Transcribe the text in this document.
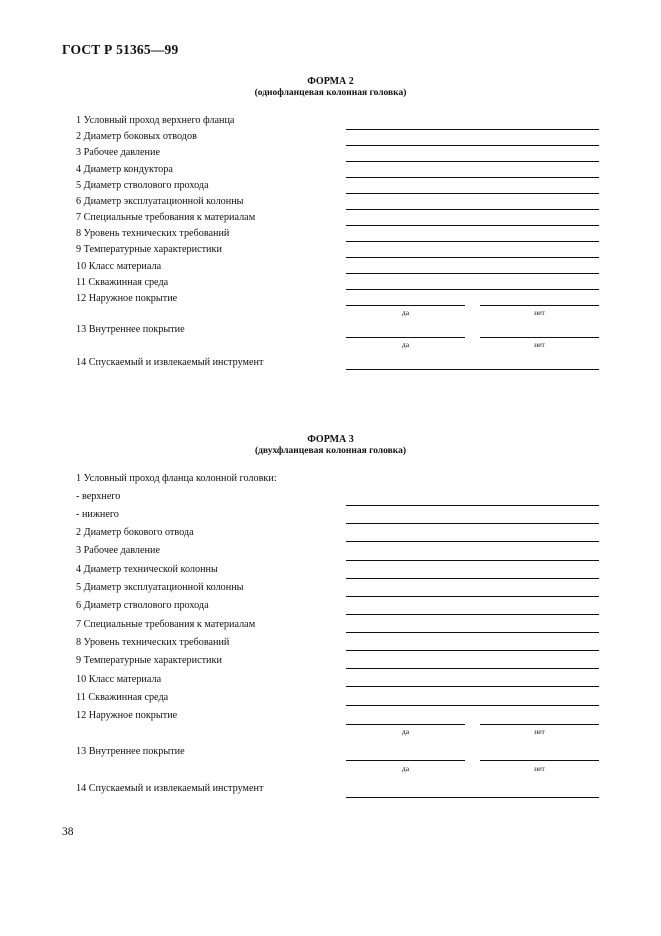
ГОСТ Р 51365—99
ФОРМА 2
(однофланцевая колонная головка)
1 Условный проход верхнего фланца
2 Диаметр боковых отводов
3 Рабочее давление
4 Диаметр кондуктора
5 Диаметр стволового прохода
6 Диаметр эксплуатационной колонны
7 Специальные требования к материалам
8 Уровень технических требований
9 Температурные характеристики
10 Класс материала
11 Скважинная среда
12 Наружное покрытие
да	нет
13 Внутреннее покрытие
да	нет
14 Спускаемый и извлекаемый инструмент
ФОРМА 3
(двухфланцевая колонная головка)
1 Условный проход фланца колонной головки:
- верхнего
- нижнего
2 Диаметр бокового отвода
3 Рабочее давление
4 Диаметр технической колонны
5 Диаметр эксплуатационной колонны
6 Диаметр стволового прохода
7 Специальные требования к материалам
8 Уровень технических требований
9 Температурные характеристики
10 Класс материала
11 Скважинная среда
12 Наружное покрытие
да	нет
13 Внутреннее покрытие
да	нет
14 Спускаемый и извлекаемый инструмент
38
